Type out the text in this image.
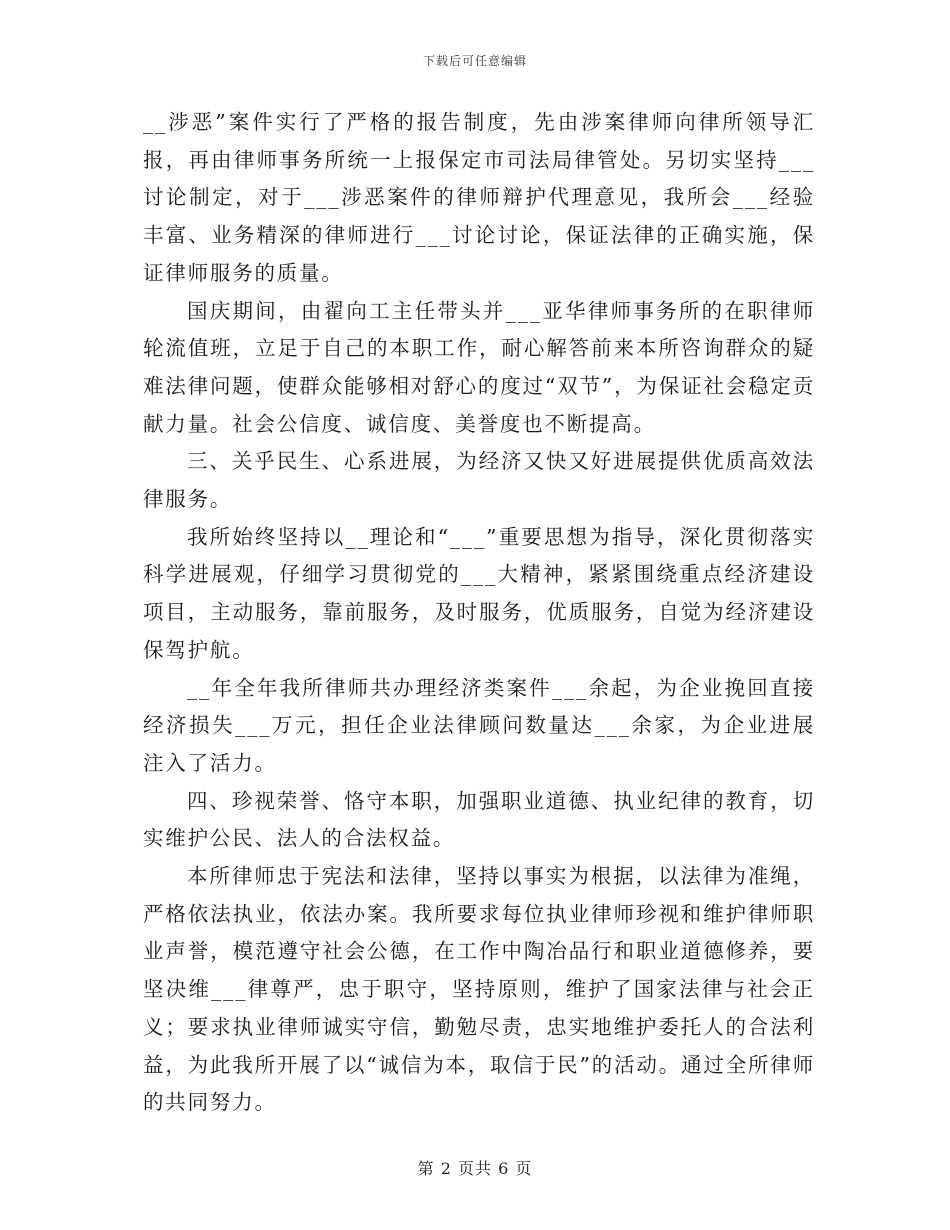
下载后可任意编辑

__涉恶”案件实行了严格的报告制度，先由涉案律师向律所领导汇报，再由律师事务所统一上报保定市司法局律管处。另切实坚持___讨论制定，对于___涉恶案件的律师辩护代理意见，我所会___经验丰富、业务精深的律师进行___讨论讨论，保证法律的正确实施，保证律师服务的质量。

国庆期间，由翟向工主任带头并___亚华律师事务所的在职律师轮流值班，立足于自己的本职工作，耐心解答前来本所咨询群众的疑难法律问题，使群众能够相对舒心的度过“双节”，为保证社会稳定贡献力量。社会公信度、诚信度、美誉度也不断提高。

三、关乎民生、心系进展，为经济又快又好进展提供优质高效法律服务。

我所始终坚持以__理论和“___”重要思想为指导，深化贯彻落实科学进展观，仔细学习贯彻党的___大精神，紧紧围绕重点经济建设项目，主动服务，靠前服务，及时服务，优质服务，自觉为经济建设保驾护航。

__年全年我所律师共办理经济类案件___余起，为企业挽回直接经济损失___万元，担任企业法律顾问数量达___余家，为企业进展注入了活力。

四、珍视荣誉、恪守本职，加强职业道德、执业纪律的教育，切实维护公民、法人的合法权益。

本所律师忠于宪法和法律，坚持以事实为根据，以法律为准绳，严格依法执业，依法办案。我所要求每位执业律师珍视和维护律师职业声誉，模范遵守社会公德，在工作中陶冶品行和职业道德修养，要坚决维___律尊严，忠于职守，坚持原则，维护了国家法律与社会正义；要求执业律师诚实守信，勤勉尽责，忠实地维护委托人的合法利益，为此我所开展了以“诚信为本，取信于民”的活动。通过全所律师的共同努力。

第 2 页共 6 页
